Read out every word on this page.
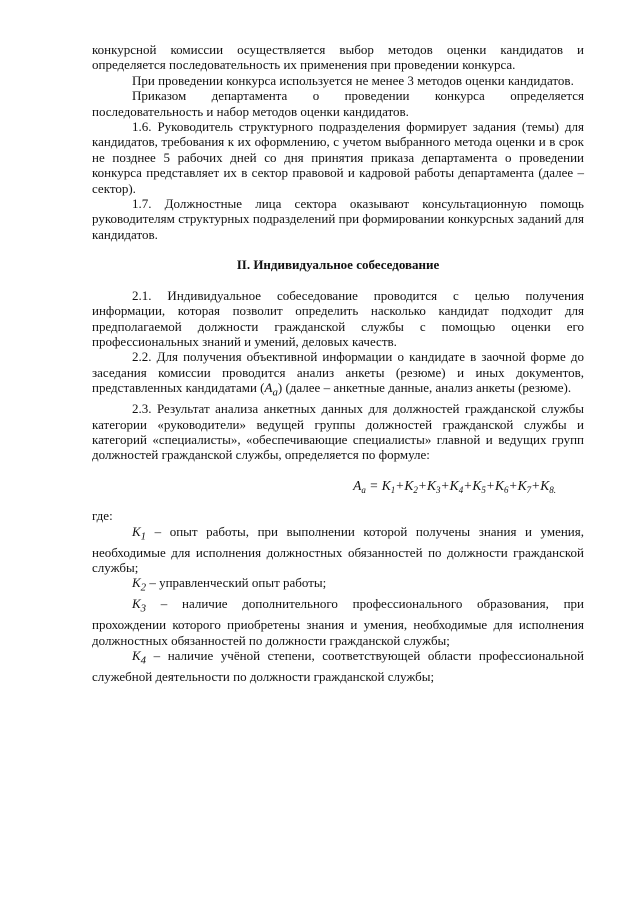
конкурсной комиссии осуществляется выбор методов оценки кандидатов и определяется последовательность их применения при проведении конкурса.

При проведении конкурса используется не менее 3 методов оценки кандидатов.

Приказом департамента о проведении конкурса определяется последовательность и набор методов оценки кандидатов.

1.6. Руководитель структурного подразделения формирует задания (темы) для кандидатов, требования к их оформлению, с учетом выбранного метода оценки и в срок не позднее 5 рабочих дней со дня принятия приказа департамента о проведении конкурса представляет их в сектор правовой и кадровой работы департамента (далее – сектор).

1.7. Должностные лица сектора оказывают консультационную помощь руководителям структурных подразделений при формировании конкурсных заданий для кандидатов.

II. Индивидуальное собеседование

2.1. Индивидуальное собеседование проводится с целью получения информации, которая позволит определить насколько кандидат подходит для предполагаемой должности гражданской службы с помощью оценки его профессиональных знаний и умений, деловых качеств.

2.2. Для получения объективной информации о кандидате в заочной форме до заседания комиссии проводится анализ анкеты (резюме) и иных документов, представленных кандидатами $(A_a)$ (далее – анкетные данные, анализ анкеты (резюме).

2.3. Результат анализа анкетных данных для должностей гражданской службы категории «руководители» ведущей группы должностей гражданской службы и категорий «специалисты», «обеспечивающие специалисты» главной и ведущих групп должностей гражданской службы, определяется по формуле:

$A_a = K_1+K_2+K_3+K_4+K_5+K_6+K_7+K_{8.}$

где:

$K_1$ – опыт работы, при выполнении которой получены знания и умения, необходимые для исполнения должностных обязанностей по должности гражданской службы;

$K_2$ – управленческий опыт работы;

$K_3$ – наличие дополнительного профессионального образования, при прохождении которого приобретены знания и умения, необходимые для исполнения должностных обязанностей по должности гражданской службы;

$K_4$ – наличие учёной степени, соответствующей области профессиональной служебной деятельности по должности гражданской службы;
